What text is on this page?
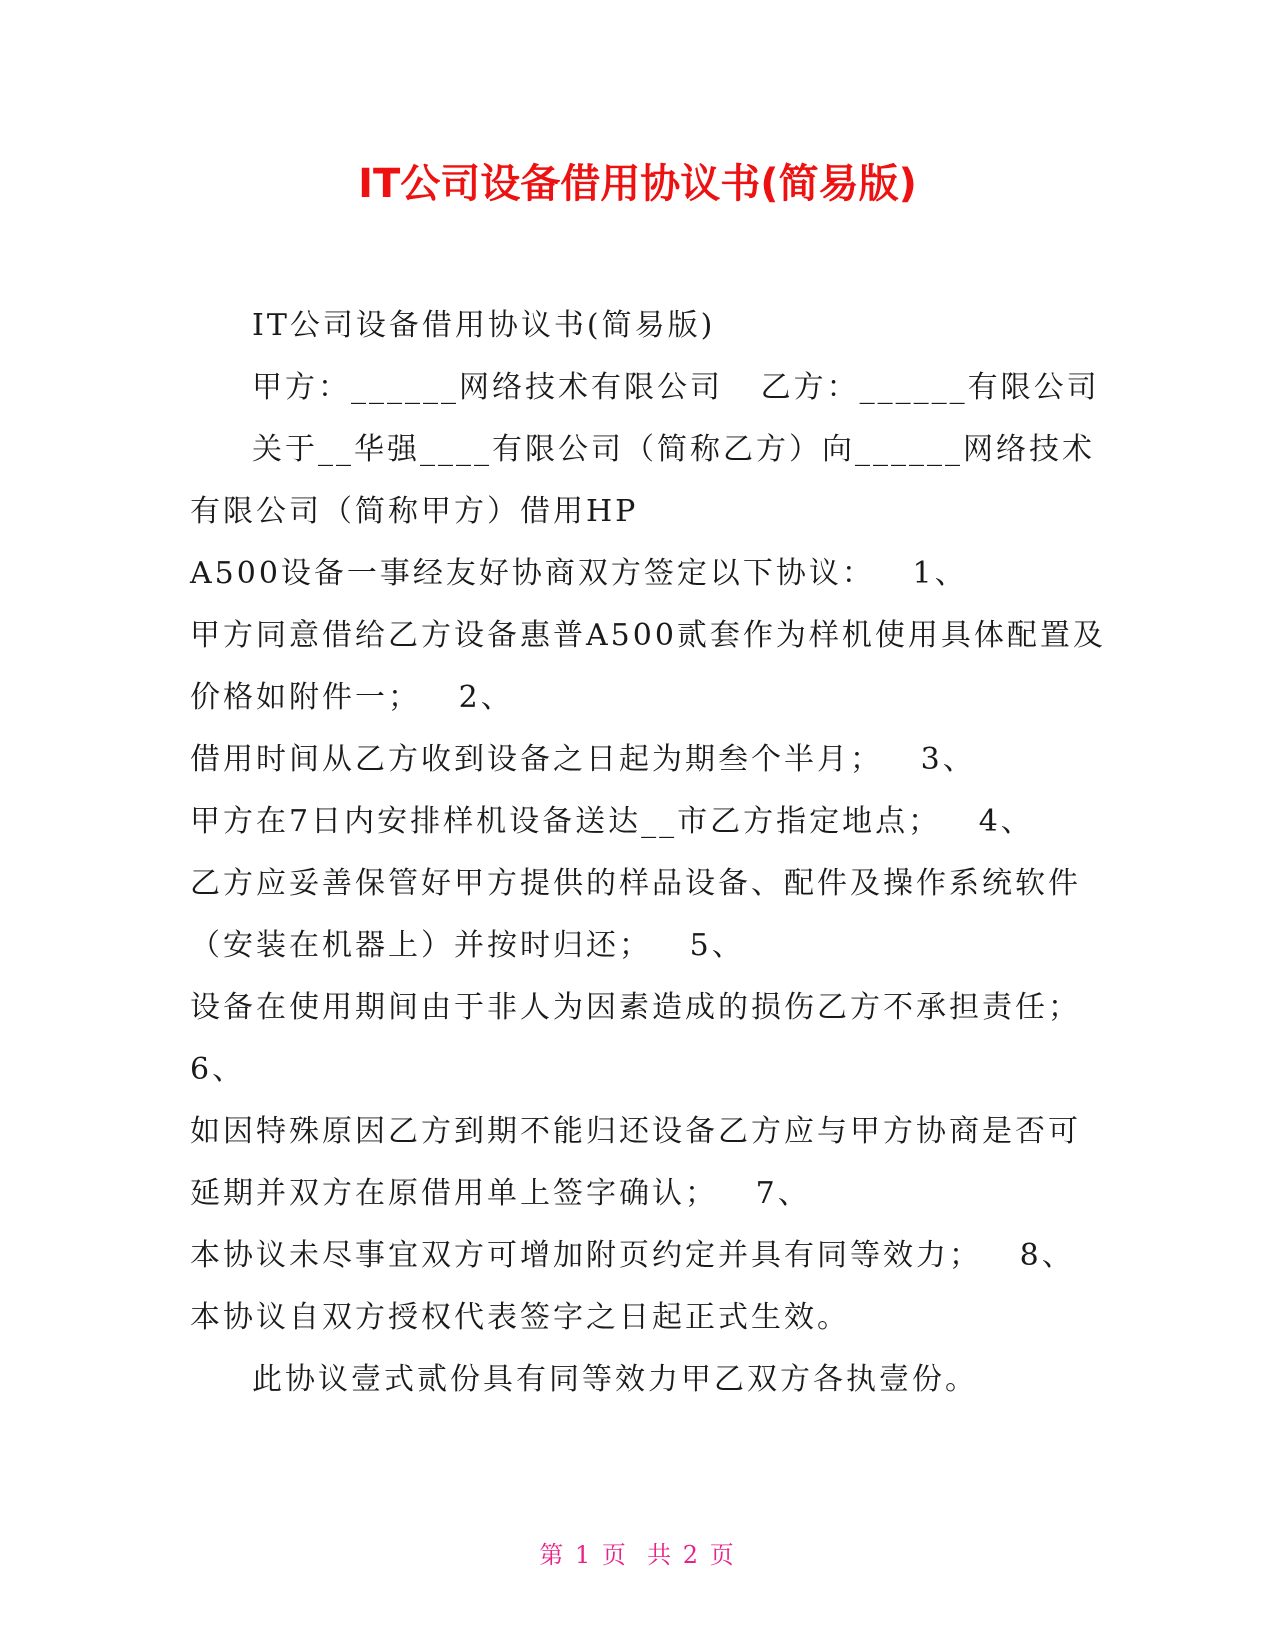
IT公司设备借用协议书(简易版)
IT公司设备借用协议书(简易版)
甲方：______网络技术有限公司   乙方：______有限公司
关于__华强____有限公司（简称乙方）向______网络技术
有限公司（简称甲方）借用HP
A500设备一事经友好协商双方签定以下协议：   1、
甲方同意借给乙方设备惠普A500贰套作为样机使用具体配置及
价格如附件一；   2、
借用时间从乙方收到设备之日起为期叁个半月；   3、
甲方在7日内安排样机设备送达__市乙方指定地点；   4、
乙方应妥善保管好甲方提供的样品设备、配件及操作系统软件
（安装在机器上）并按时归还；   5、
设备在使用期间由于非人为因素造成的损伤乙方不承担责任；
6、
如因特殊原因乙方到期不能归还设备乙方应与甲方协商是否可
延期并双方在原借用单上签字确认；   7、
本协议未尽事宜双方可增加附页约定并具有同等效力；   8、
本协议自双方授权代表签字之日起正式生效。
此协议壹式贰份具有同等效力甲乙双方各执壹份。
第 1 页  共 2 页
